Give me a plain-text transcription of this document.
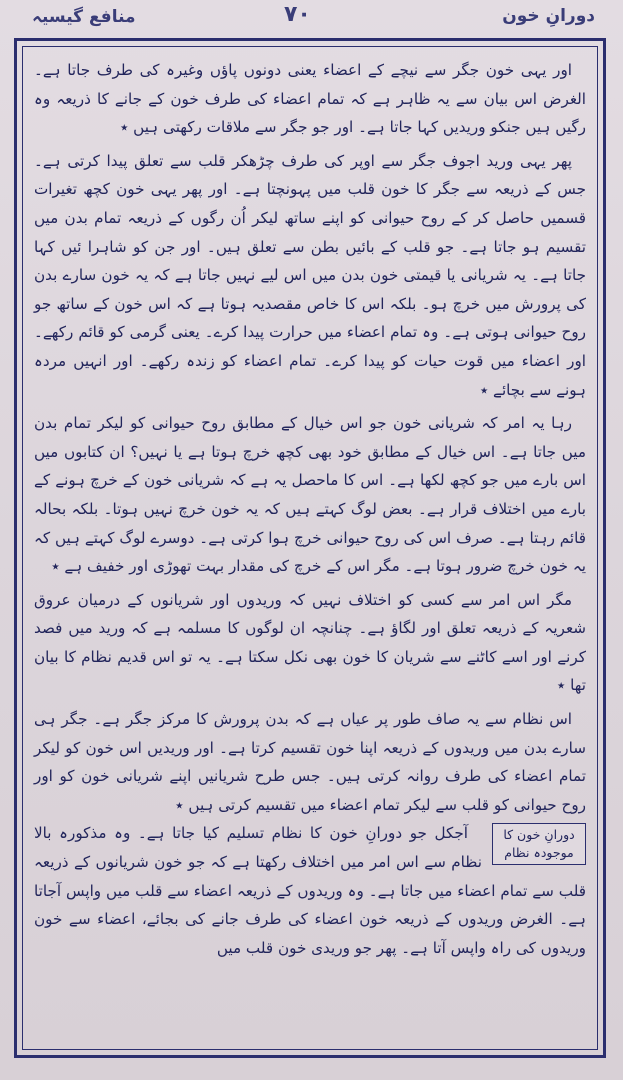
منافع گیسیہ	۷۰	دورانِ خون

اور یہی خون جگر سے نیچے کے اعضاء یعنی دونوں پاؤں وغیرہ کی طرف جاتا ہے۔ الغرض اس بیان سے یہ ظاہر ہے کہ تمام اعضاء کی طرف خون کے جانے کا ذریعہ وہ رگیں ہیں جنکو وریدیں کہا جاتا ہے۔ اور جو جگر سے ملاقات رکھتی ہیں ٭

پھر یہی ورید اجوف جگر سے اوپر کی طرف چڑھکر قلب سے تعلق پیدا کرتی ہے۔ جس کے ذریعہ سے جگر کا خون قلب میں پہونچتا ہے۔ اور پھر یہی خون کچھ تغیرات قسمیں حاصل کر کے روح حیوانی کو اپنے ساتھ لیکر اُن رگوں کے ذریعہ تمام بدن میں تقسیم ہو جاتا ہے۔ جو قلب کے بائیں بطن سے تعلق ہیں۔ اور جن کو شاہرا ئیں کہا جاتا ہے۔ یہ شریانی یا قیمتی خون بدن میں اس لیے نہیں جاتا ہے کہ یہ خون سارے بدن کی پرورش میں خرچ ہو۔ بلکہ اس کا خاص مقصدیہ ہوتا ہے کہ اس خون کے ساتھ جو روح حیوانی ہوتی ہے۔ وہ تمام اعضاء میں حرارت پیدا کرے۔ یعنی گرمی کو قائم رکھے۔ اور اعضاء میں قوت حیات کو پیدا کرے۔ تمام اعضاء کو زندہ رکھے۔ اور انہیں مردہ ہونے سے بچائے ٭

رہا یہ امر کہ شریانی خون جو اس خیال کے مطابق روح حیوانی کو لیکر تمام بدن میں جاتا ہے۔ اس خیال کے مطابق خود بھی کچھ خرچ ہوتا ہے یا نہیں؟ ان کتابوں میں اس بارے میں جو کچھ لکھا ہے۔ اس کا ماحصل یہ ہے کہ شریانی خون کے خرچ ہونے کے بارے میں اختلاف قرار ہے۔ بعض لوگ کہتے ہیں کہ یہ خون خرچ نہیں ہوتا۔ بلکہ بحالہ قائم رہتا ہے۔ صرف اس کی روح حیوانی خرچ ہوا کرتی ہے۔ دوسرے لوگ کہتے ہیں کہ یہ خون خرچ ضرور ہوتا ہے۔ مگر اس کے خرچ کی مقدار بہت تھوڑی اور خفیف ہے ٭

مگر اس امر سے کسی کو اختلاف نہیں کہ وریدوں اور شریانوں کے درمیان عروق شعریہ کے ذریعہ تعلق اور لگاؤ ہے۔ چنانچہ ان لوگوں کا مسلمہ ہے کہ ورید میں فصد کرنے اور اسے کاٹنے سے شریان کا خون بھی نکل سکتا ہے۔ یہ تو اس قدیم نظام کا بیان تھا ٭

اس نظام سے یہ صاف طور پر عیاں ہے کہ بدن پرورش کا مرکز جگر ہے۔ جگر ہی سارے بدن میں وریدوں کے ذریعہ اپنا خون تقسیم کرتا ہے۔ اور وریدیں اس خون کو لیکر تمام اعضاء کی طرف روانہ کرتی ہیں۔ جس طرح شریانیں اپنے شریانی خون کو اور روح حیوانی کو قلب سے لیکر تمام اعضاء میں تقسیم کرتی ہیں ٭

دورانِ خون کا موجودہ نظام

آجکل جو دورانِ خون کا نظام تسلیم کیا جاتا ہے۔ وہ مذکورہ بالا نظام سے اس امر میں اختلاف رکھتا ہے کہ جو خون شریانوں کے ذریعہ قلب سے تمام اعضاء میں جاتا ہے۔ وہ وریدوں کے ذریعہ اعضاء سے قلب میں واپس آجاتا ہے۔ الغرض وریدوں کے ذریعہ خون اعضاء کی طرف جانے کی بجائے، اعضاء سے خون وریدوں کی راہ واپس آتا ہے۔ پھر جو وریدی خون قلب میں
